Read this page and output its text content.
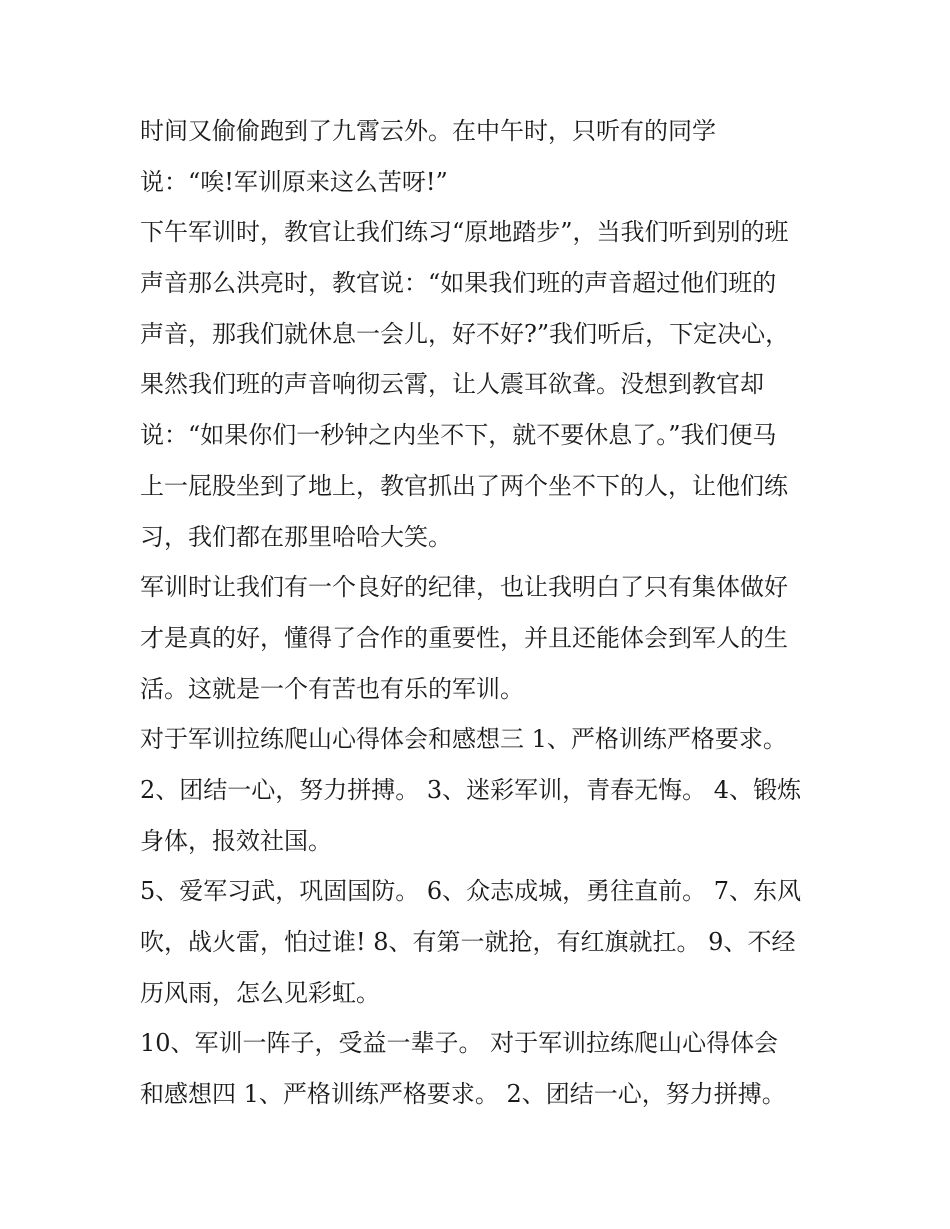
时间又偷偷跑到了九霄云外。在中午时，只听有的同学
说：“唉!军训原来这么苦呀!”
下午军训时，教官让我们练习“原地踏步”，当我们听到别的班
声音那么洪亮时，教官说：“如果我们班的声音超过他们班的
声音，那我们就休息一会儿，好不好?”我们听后，下定决心，
果然我们班的声音响彻云霄，让人震耳欲聋。没想到教官却
说：“如果你们一秒钟之内坐不下，就不要休息了。”我们便马
上一屁股坐到了地上，教官抓出了两个坐不下的人，让他们练
习，我们都在那里哈哈大笑。
军训时让我们有一个良好的纪律，也让我明白了只有集体做好
才是真的好，懂得了合作的重要性，并且还能体会到军人的生
活。这就是一个有苦也有乐的军训。
对于军训拉练爬山心得体会和感想三 1、严格训练严格要求。
2、团结一心，努力拼搏。 3、迷彩军训，青春无悔。 4、锻炼
身体，报效社国。
5、爱军习武，巩固国防。 6、众志成城，勇往直前。 7、东风
吹，战火雷，怕过谁! 8、有第一就抢，有红旗就扛。 9、不经
历风雨，怎么见彩虹。
10、军训一阵子，受益一辈子。 对于军训拉练爬山心得体会
和感想四 1、严格训练严格要求。 2、团结一心，努力拼搏。
